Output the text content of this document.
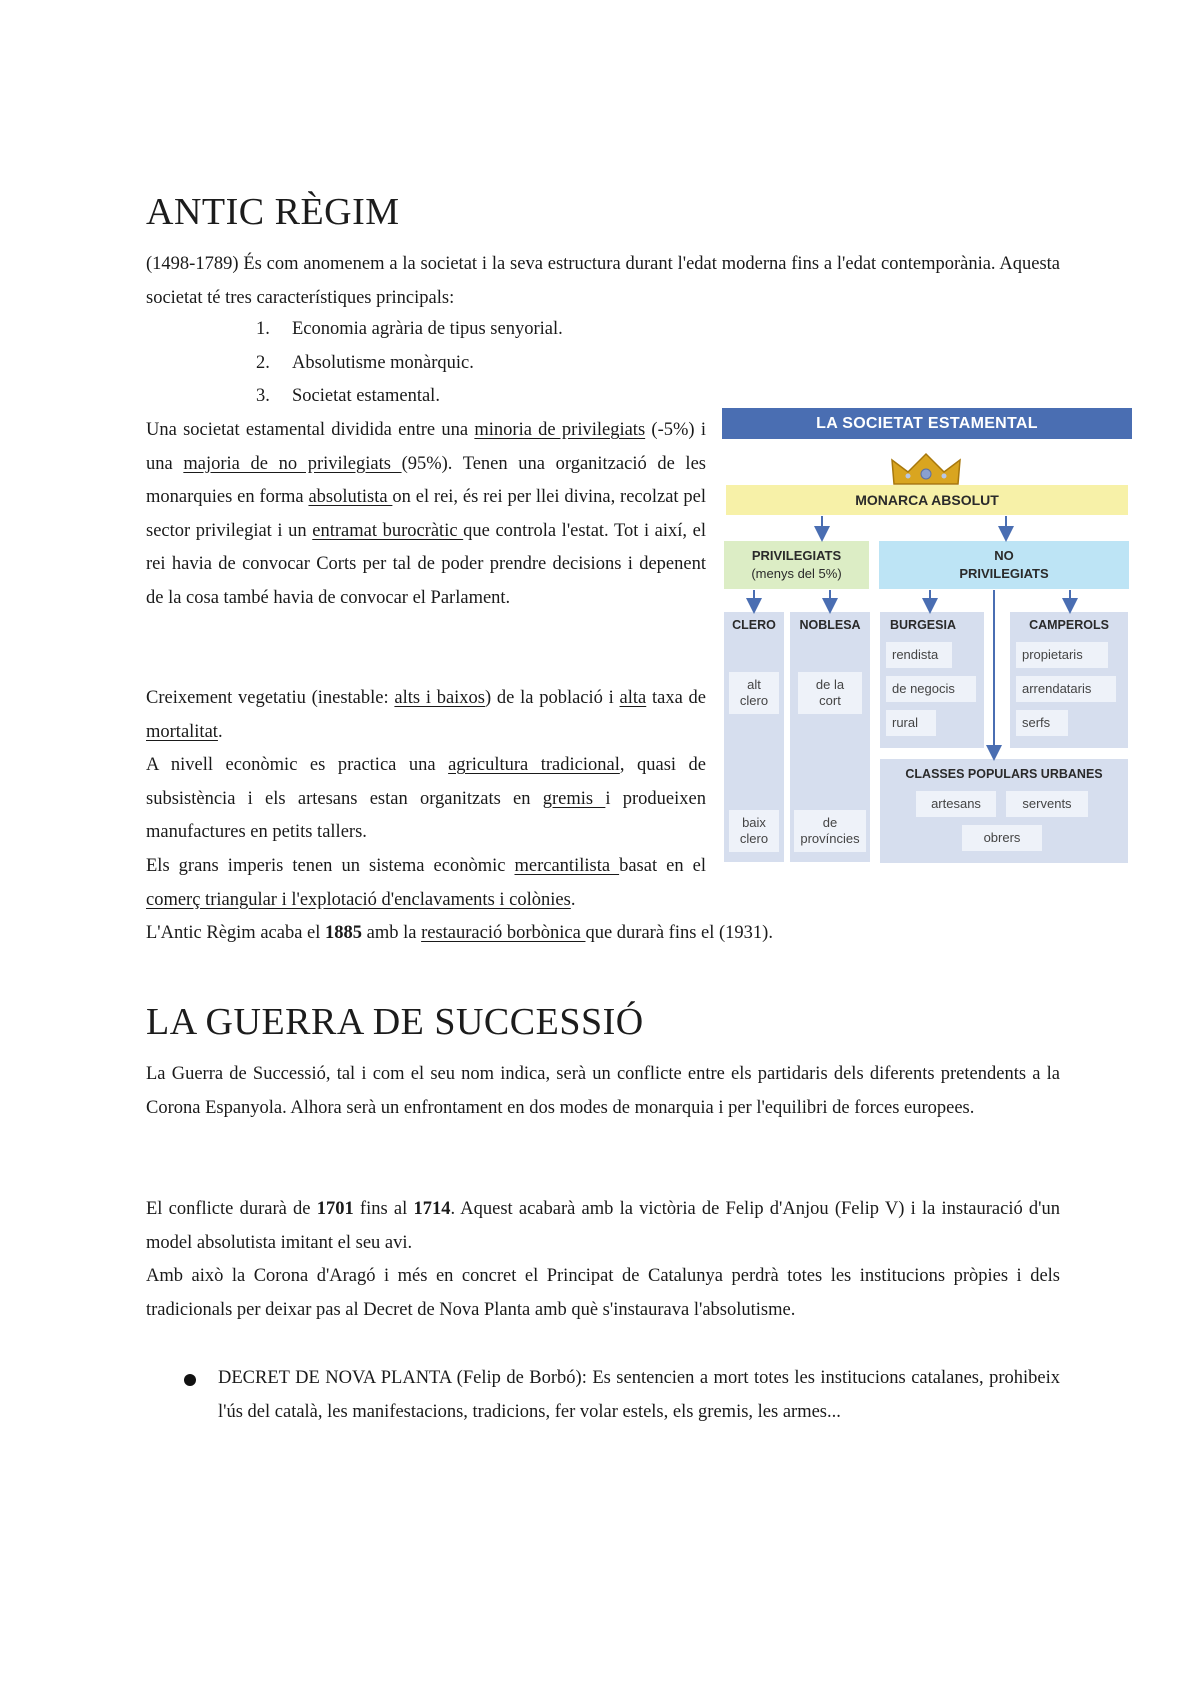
ANTIC RÈGIM

(1498-1789) És com anomenem a la societat i la seva estructura durant l'edat moderna fins a l'edat contemporània. Aquesta societat té tres característiques principals:

1. Economia agrària de tipus senyorial.
2. Absolutisme monàrquic.
3. Societat estamental.

Una societat estamental dividida entre una minoria de privilegiats (-5%) i una majoria de no privilegiats (95%). Tenen una organització de les monarquies en forma absolutista on el rei, és rei per llei divina, recolzat pel sector privilegiat i un entramat burocràtic que controla l'estat. Tot i així, el rei havia de convocar Corts per tal de poder prendre decisions i depenent de la cosa també havia de convocar el Parlament.

Creixement vegetatiu (inestable: alts i baixos) de la població i alta taxa de mortalitat.

A nivell econòmic es practica una agricultura tradicional, quasi de subsistència i els artesans estan organitzats en gremis i produeixen manufactures en petits tallers.

Els grans imperis tenen un sistema econòmic mercantilista basat en el comerç triangular i l'explotació d'enclavaments i colònies.

L'Antic Règim acaba el 1885 amb la restauració borbònica que durarà fins el (1931).

LA SOCIETAT ESTAMENTAL
MONARCA ABSOLUT
PRIVILEGIATS
(menys del 5%)
NO
PRIVILEGIATS
CLERO
alt
clero
baix
clero
NOBLESA
de la
cort
de
províncies
BURGESIA
rendista
de negocis
rural
CAMPEROLS
propietaris
arrendataris
serfs
CLASSES POPULARS URBANES
artesans	servents
obrers
LA GUERRA DE SUCCESSIÓ

La Guerra de Successió, tal i com el seu nom indica, serà un conflicte entre els partidaris dels diferents pretendents a la Corona Espanyola. Alhora serà un enfrontament en dos modes de monarquia i per l'equilibri de forces europees.

El conflicte durarà de 1701 fins al 1714. Aquest acabarà amb la victòria de Felip d'Anjou (Felip V) i la instauració d'un model absolutista imitant el seu avi.

Amb això la Corona d'Aragó i més en concret el Principat de Catalunya perdrà totes les institucions pròpies i dels tradicionals per deixar pas al Decret de Nova Planta amb què s'instaurava l'absolutisme.

DECRET DE NOVA PLANTA (Felip de Borbó): Es sentencien a mort totes les institucions catalanes, prohibeix l'ús del català, les manifestacions, tradicions, fer volar estels, els gremis, les armes...
